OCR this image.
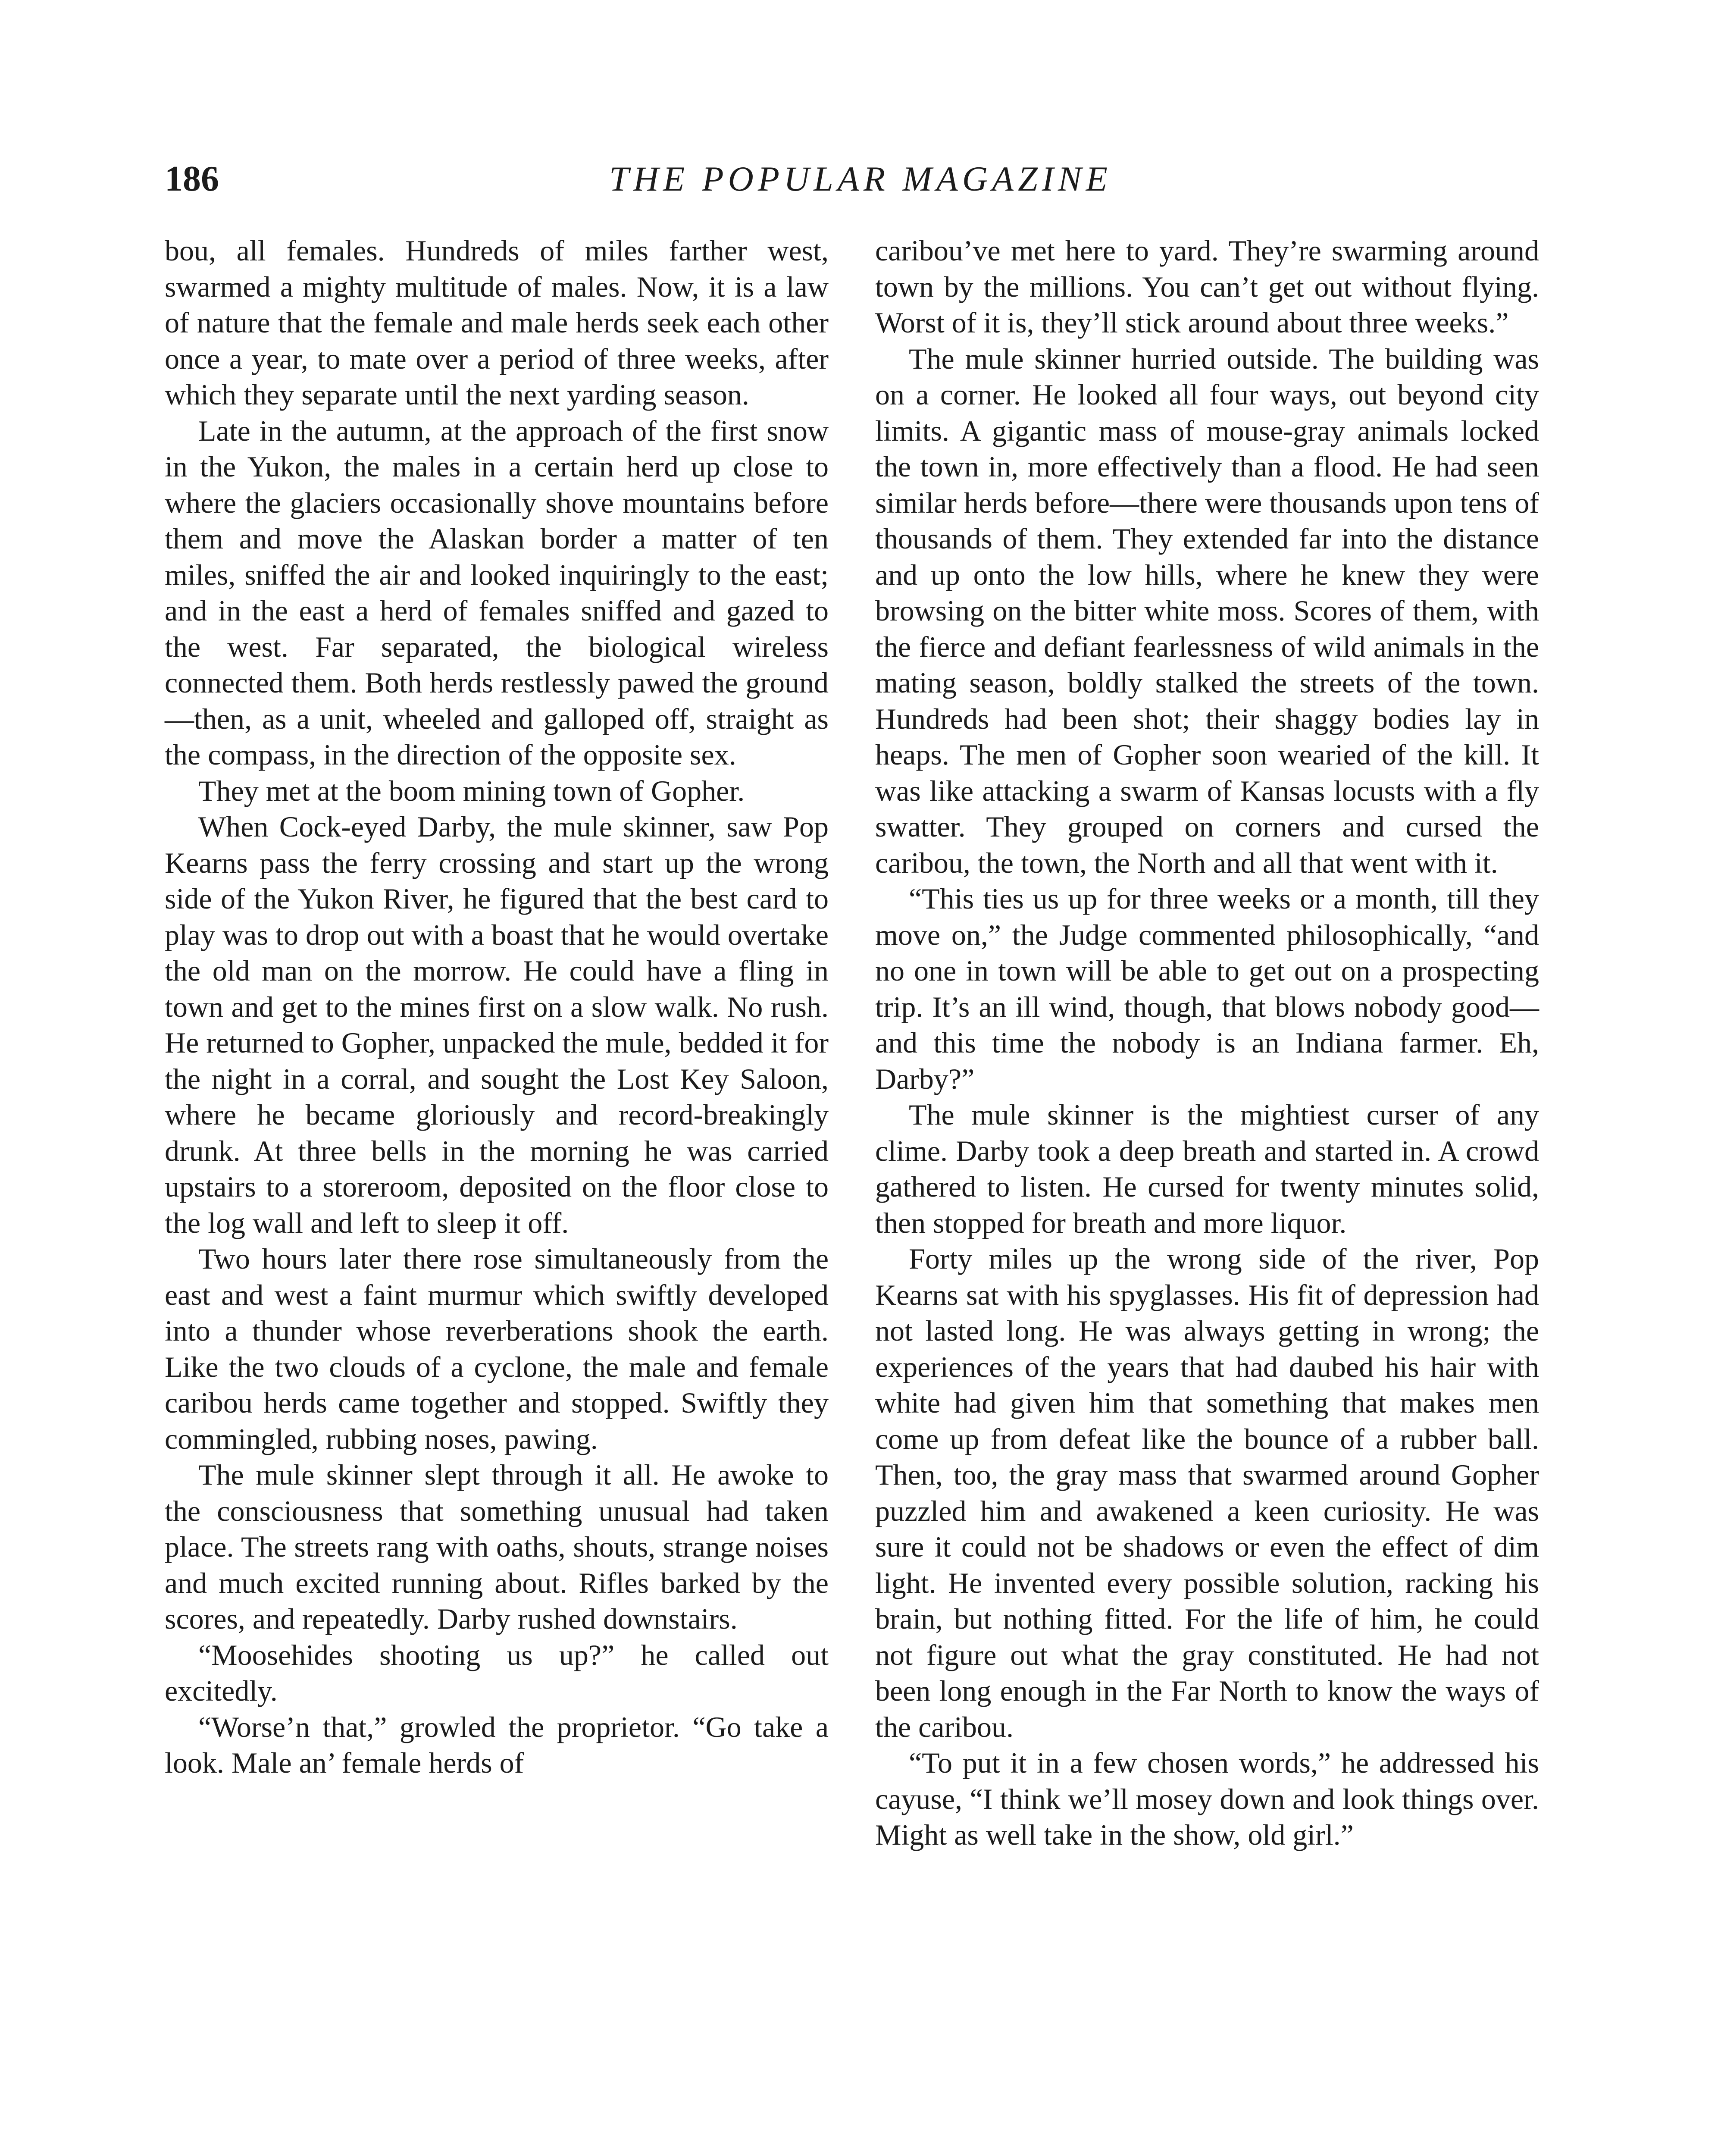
186	THE POPULAR MAGAZINE

bou, all females. Hundreds of miles farther west, swarmed a mighty multitude of males. Now, it is a law of nature that the female and male herds seek each other once a year, to mate over a period of three weeks, after which they separate until the next yarding season.

Late in the autumn, at the approach of the first snow in the Yukon, the males in a certain herd up close to where the glaciers occasionally shove mountains before them and move the Alaskan border a matter of ten miles, sniffed the air and looked inquiringly to the east; and in the east a herd of females sniffed and gazed to the west. Far separated, the biological wireless connected them. Both herds restlessly pawed the ground—then, as a unit, wheeled and galloped off, straight as the compass, in the direction of the opposite sex.

They met at the boom mining town of Gopher.

When Cock-eyed Darby, the mule skinner, saw Pop Kearns pass the ferry crossing and start up the wrong side of the Yukon River, he figured that the best card to play was to drop out with a boast that he would overtake the old man on the morrow. He could have a fling in town and get to the mines first on a slow walk. No rush. He returned to Gopher, unpacked the mule, bedded it for the night in a corral, and sought the Lost Key Saloon, where he became gloriously and record-breakingly drunk. At three bells in the morning he was carried upstairs to a storeroom, deposited on the floor close to the log wall and left to sleep it off.

Two hours later there rose simultaneously from the east and west a faint murmur which swiftly developed into a thunder whose reverberations shook the earth. Like the two clouds of a cyclone, the male and female caribou herds came together and stopped. Swiftly they commingled, rubbing noses, pawing.

The mule skinner slept through it all. He awoke to the consciousness that something unusual had taken place. The streets rang with oaths, shouts, strange noises and much excited running about. Rifles barked by the scores, and repeatedly. Darby rushed downstairs.

“Moosehides shooting us up?” he called out excitedly.

“Worse’n that,” growled the proprietor. “Go take a look. Male an’ female herds of

caribou’ve met here to yard. They’re swarming around town by the millions. You can’t get out without flying. Worst of it is, they’ll stick around about three weeks.”

The mule skinner hurried outside. The building was on a corner. He looked all four ways, out beyond city limits. A gigantic mass of mouse-gray animals locked the town in, more effectively than a flood. He had seen similar herds before—there were thousands upon tens of thousands of them. They extended far into the distance and up onto the low hills, where he knew they were browsing on the bitter white moss. Scores of them, with the fierce and defiant fearlessness of wild animals in the mating season, boldly stalked the streets of the town. Hundreds had been shot; their shaggy bodies lay in heaps. The men of Gopher soon wearied of the kill. It was like attacking a swarm of Kansas locusts with a fly swatter. They grouped on corners and cursed the caribou, the town, the North and all that went with it.

“This ties us up for three weeks or a month, till they move on,” the Judge commented philosophically, “and no one in town will be able to get out on a prospecting trip. It’s an ill wind, though, that blows nobody good—and this time the nobody is an Indiana farmer. Eh, Darby?”

The mule skinner is the mightiest curser of any clime. Darby took a deep breath and started in. A crowd gathered to listen. He cursed for twenty minutes solid, then stopped for breath and more liquor.

Forty miles up the wrong side of the river, Pop Kearns sat with his spyglasses. His fit of depression had not lasted long. He was always getting in wrong; the experiences of the years that had daubed his hair with white had given him that something that makes men come up from defeat like the bounce of a rubber ball. Then, too, the gray mass that swarmed around Gopher puzzled him and awakened a keen curiosity. He was sure it could not be shadows or even the effect of dim light. He invented every possible solution, racking his brain, but nothing fitted. For the life of him, he could not figure out what the gray constituted. He had not been long enough in the Far North to know the ways of the caribou.

“To put it in a few chosen words,” he addressed his cayuse, “I think we’ll mosey down and look things over. Might as well take in the show, old girl.”
